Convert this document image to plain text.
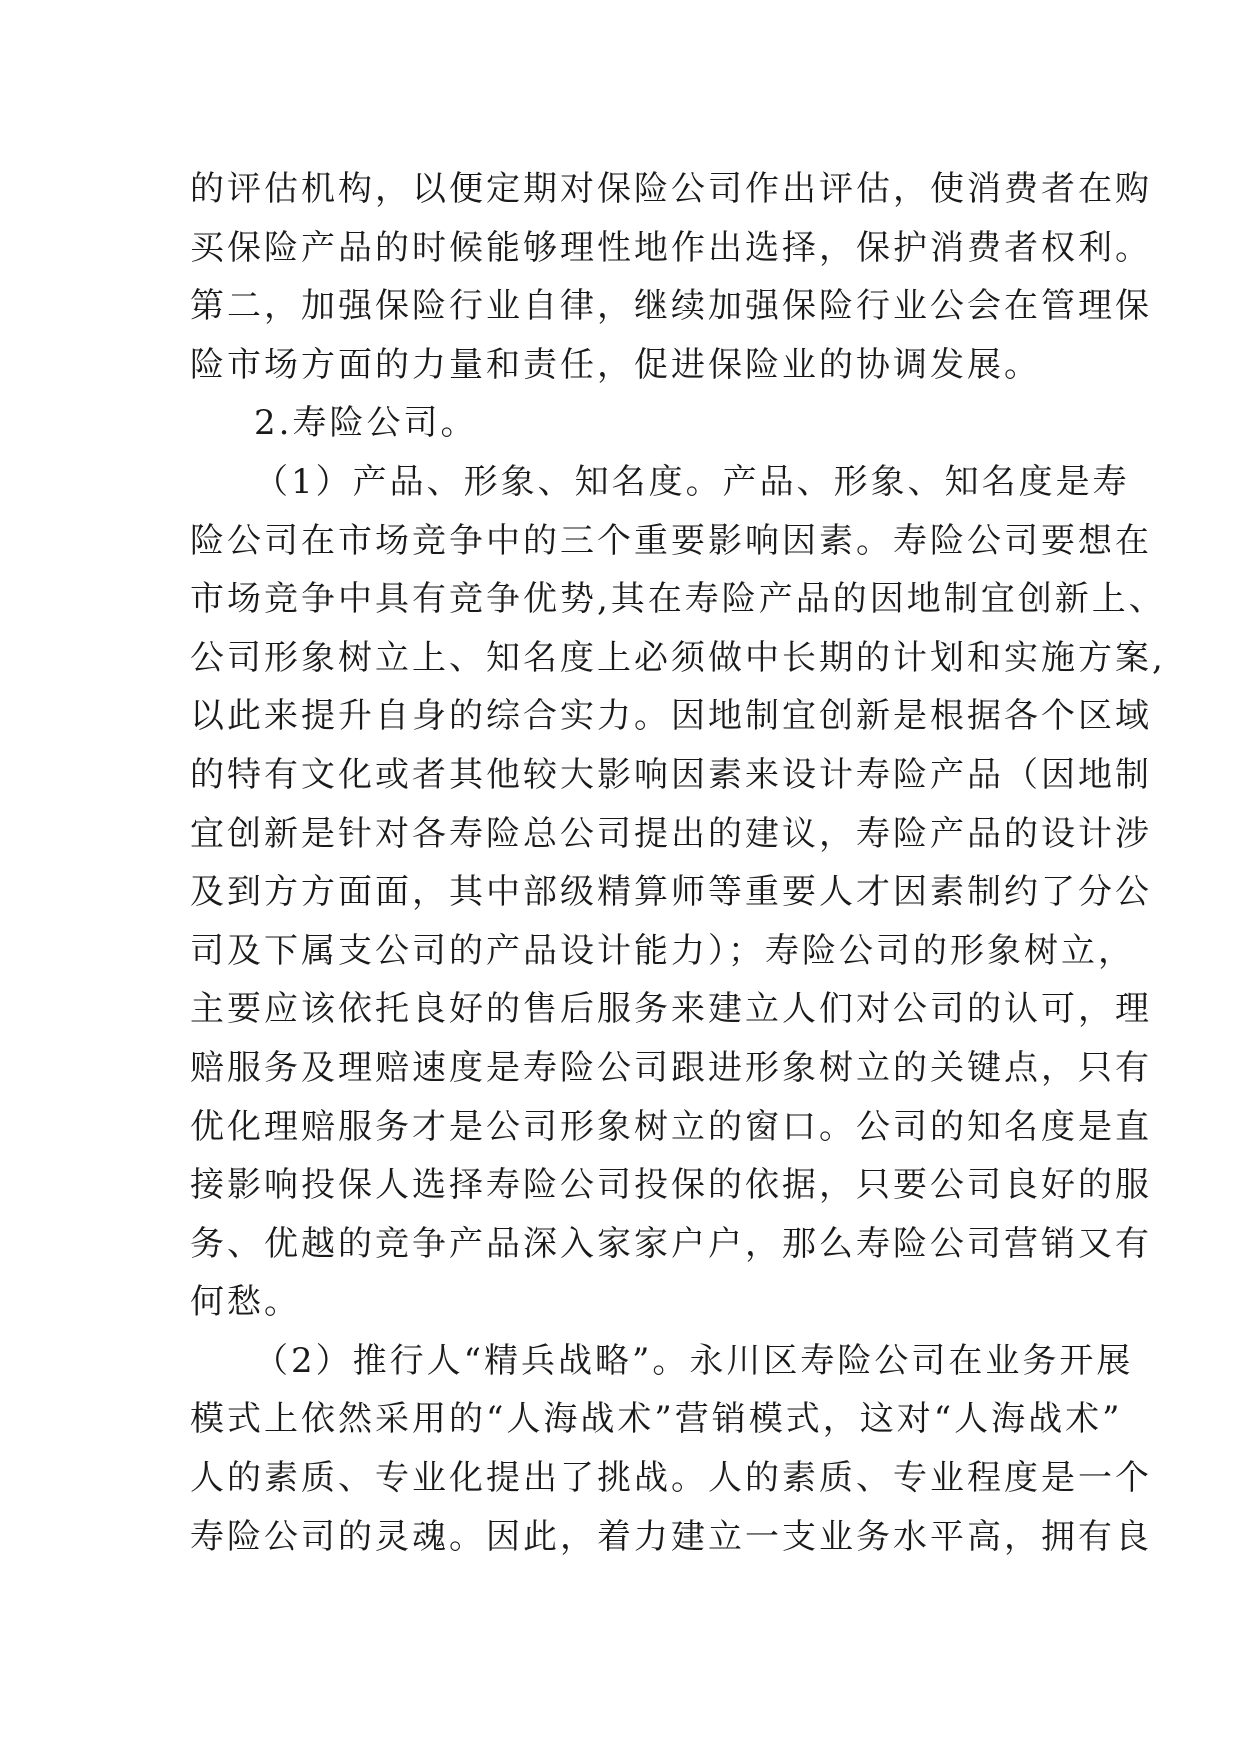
的评估机构，以便定期对保险公司作出评估，使消费者在购
买保险产品的时候能够理性地作出选择，保护消费者权利。
第二，加强保险行业自律，继续加强保险行业公会在管理保
险市场方面的力量和责任，促进保险业的协调发展。
2.寿险公司。
（1）产品、形象、知名度。产品、形象、知名度是寿
险公司在市场竞争中的三个重要影响因素。寿险公司要想在
市场竞争中具有竞争优势,其在寿险产品的因地制宜创新上、
公司形象树立上、知名度上必须做中长期的计划和实施方案,
以此来提升自身的综合实力。因地制宜创新是根据各个区域
的特有文化或者其他较大影响因素来设计寿险产品（因地制
宜创新是针对各寿险总公司提出的建议，寿险产品的设计涉
及到方方面面，其中部级精算师等重要人才因素制约了分公
司及下属支公司的产品设计能力）；寿险公司的形象树立，
主要应该依托良好的售后服务来建立人们对公司的认可，理
赔服务及理赔速度是寿险公司跟进形象树立的关键点，只有
优化理赔服务才是公司形象树立的窗口。公司的知名度是直
接影响投保人选择寿险公司投保的依据，只要公司良好的服
务、优越的竞争产品深入家家户户，那么寿险公司营销又有
何愁。
（2）推行人“精兵战略”。永川区寿险公司在业务开展
模式上依然采用的“人海战术”营销模式，这对“人海战术”
人的素质、专业化提出了挑战。人的素质、专业程度是一个
寿险公司的灵魂。因此，着力建立一支业务水平高，拥有良
